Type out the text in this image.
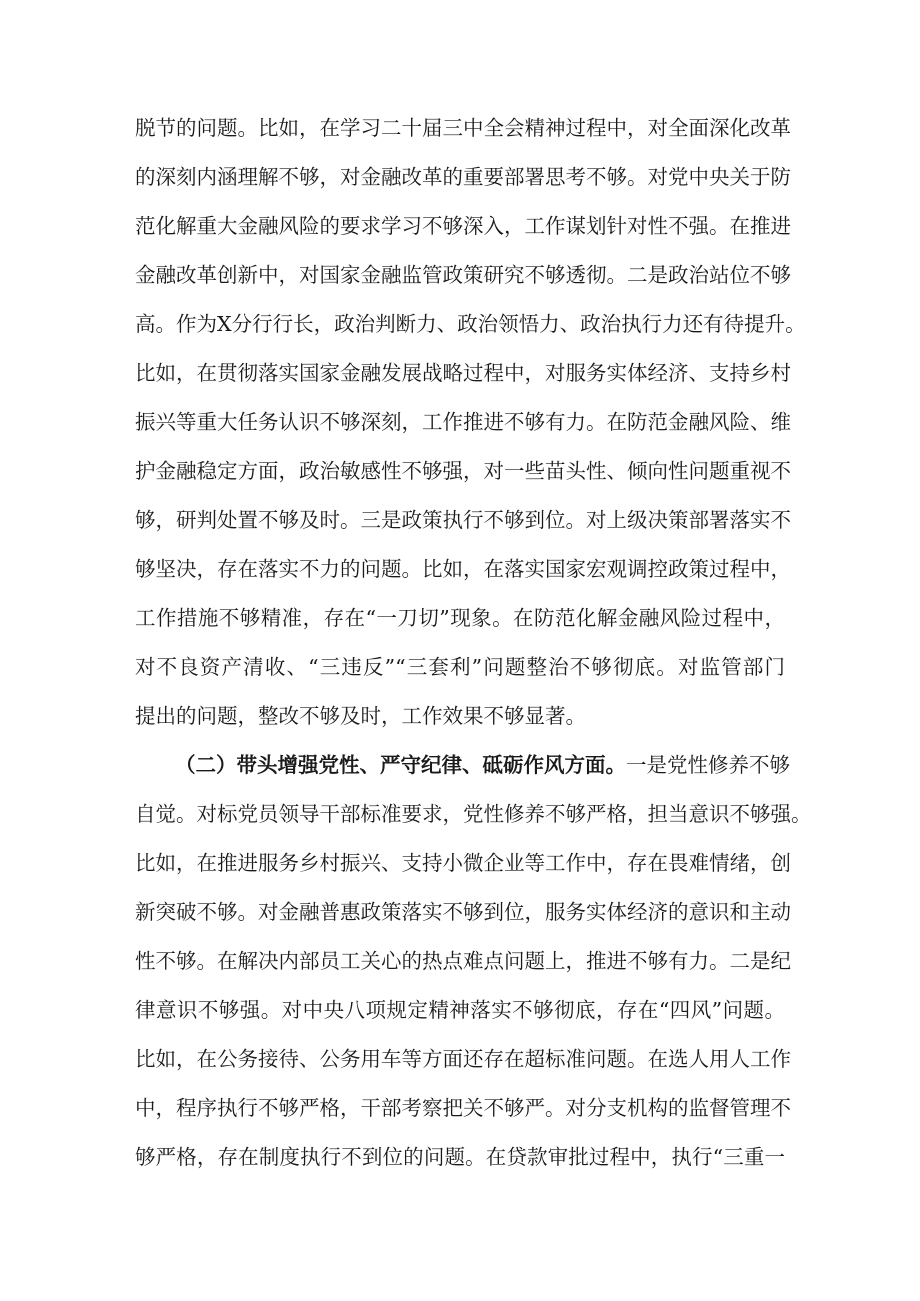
脱节的问题。比如，在学习二十届三中全会精神过程中，对全面深化改革
的深刻内涵理解不够，对金融改革的重要部署思考不够。对党中央关于防
范化解重大金融风险的要求学习不够深入，工作谋划针对性不强。在推进
金融改革创新中，对国家金融监管政策研究不够透彻。二是政治站位不够
高。作为X分行行长，政治判断力、政治领悟力、政治执行力还有待提升。
比如，在贯彻落实国家金融发展战略过程中，对服务实体经济、支持乡村
振兴等重大任务认识不够深刻，工作推进不够有力。在防范金融风险、维
护金融稳定方面，政治敏感性不够强，对一些苗头性、倾向性问题重视不
够，研判处置不够及时。三是政策执行不够到位。对上级决策部署落实不
够坚决，存在落实不力的问题。比如，在落实国家宏观调控政策过程中，
工作措施不够精准，存在“一刀切”现象。在防范化解金融风险过程中，
对不良资产清收、“三违反”“三套利”问题整治不够彻底。对监管部门
提出的问题，整改不够及时，工作效果不够显著。
（二）带头增强党性、严守纪律、砥砺作风方面。一是党性修养不够
自觉。对标党员领导干部标准要求，党性修养不够严格，担当意识不够强。
比如，在推进服务乡村振兴、支持小微企业等工作中，存在畏难情绪，创
新突破不够。对金融普惠政策落实不够到位，服务实体经济的意识和主动
性不够。在解决内部员工关心的热点难点问题上，推进不够有力。二是纪
律意识不够强。对中央八项规定精神落实不够彻底，存在“四风”问题。
比如，在公务接待、公务用车等方面还存在超标准问题。在选人用人工作
中，程序执行不够严格，干部考察把关不够严。对分支机构的监督管理不
够严格，存在制度执行不到位的问题。在贷款审批过程中，执行“三重一
